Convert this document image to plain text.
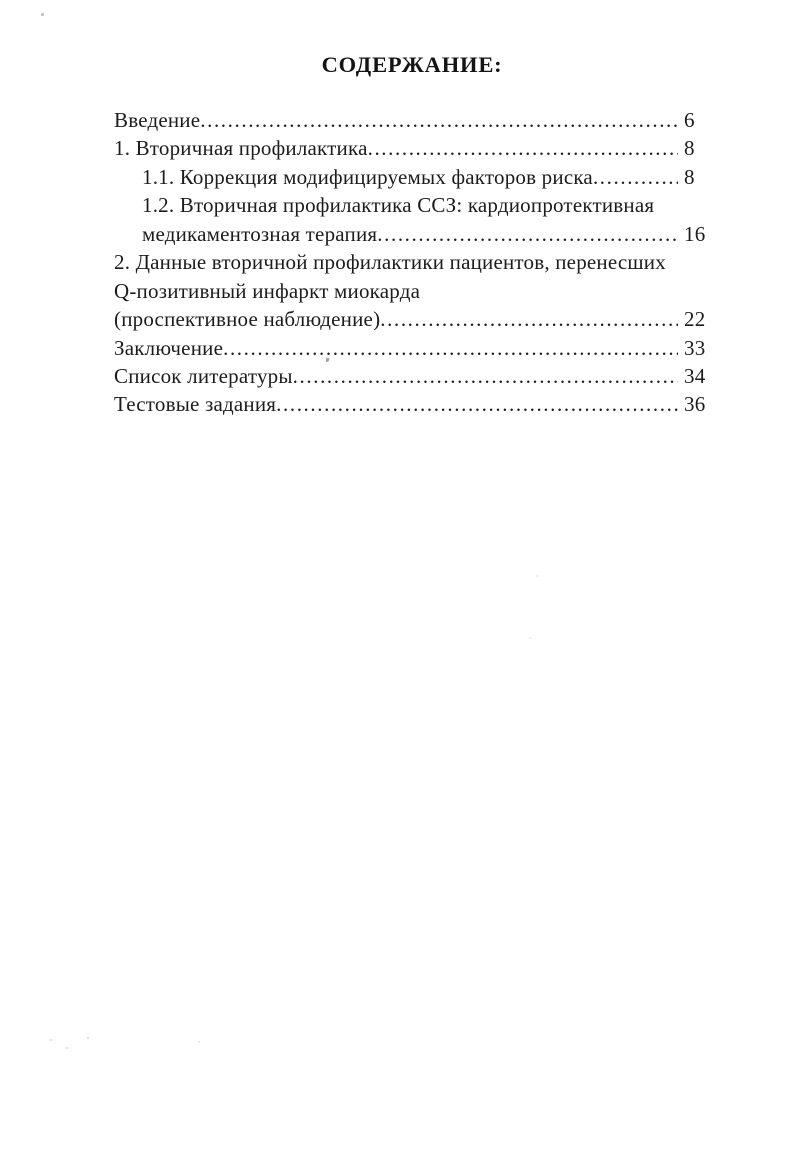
СОДЕРЖАНИЕ:
Введение .....	6
1. Вторичная профилактика .....	8
1.1. Коррекция модифицируемых факторов риска .....	8
1.2. Вторичная профилактика ССЗ: кардиопротективная
медикаментозная терапия .....	16
2. Данные вторичной профилактики пациентов, перенесших
Q-позитивный инфаркт миокарда
(проспективное наблюдение) .....	22
Заключение .....	33
Список литературы .....	34
Тестовые задания .....	36
